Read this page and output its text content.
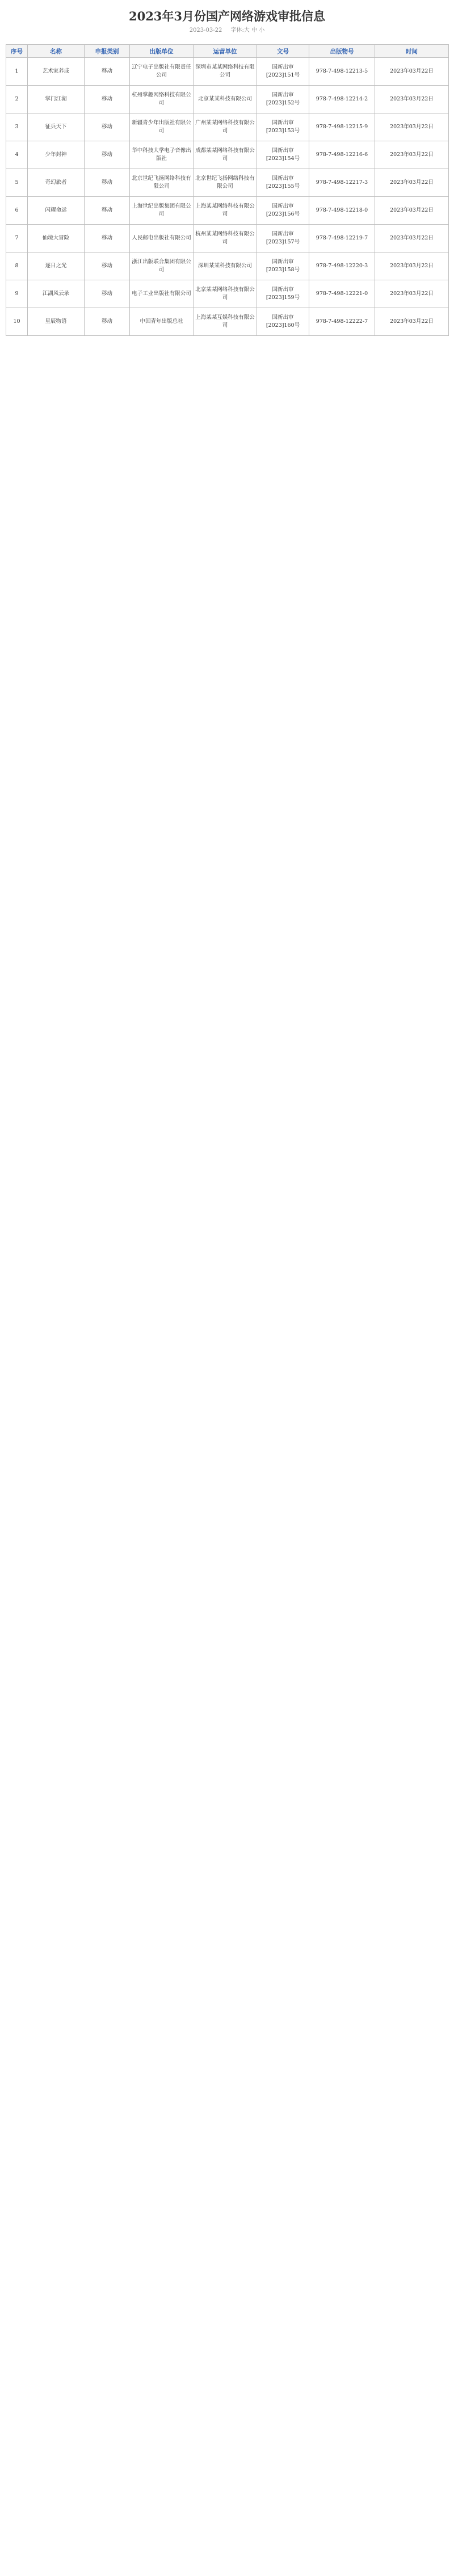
2023年3月份国产网络游戏审批信息
2023-03-22 字体:大 中 小
序号	名称	申报类别	出版单位	运营单位	文号	出版物号	时间
1	艺术家养成	移动	辽宁电子出版社有限责任公司	深圳市某某网络科技有限公司	国新出审[2023]151号	978-7-498-12213-5	2023年03月22日
2	掌门江湖	移动	杭州掌趣网络科技有限公司	北京某某科技有限公司	国新出审[2023]152号	978-7-498-12214-2	2023年03月22日
3	征兵天下	移动	新疆青少年出版社有限公司	广州某某网络科技有限公司	国新出审[2023]153号	978-7-498-12215-9	2023年03月22日
4	少年封神	移动	华中科技大学电子音像出版社	成都某某网络科技有限公司	国新出审[2023]154号	978-7-498-12216-6	2023年03月22日
5	奇幻旅者	移动	北京世纪飞扬网络科技有限公司	北京世纪飞扬网络科技有限公司	国新出审[2023]155号	978-7-498-12217-3	2023年03月22日
6	闪耀命运	移动	上海世纪出版集团有限公司	上海某某网络科技有限公司	国新出审[2023]156号	978-7-498-12218-0	2023年03月22日
7	仙境大冒险	移动	人民邮电出版社有限公司	杭州某某网络科技有限公司	国新出审[2023]157号	978-7-498-12219-7	2023年03月22日
8	逐日之光	移动	浙江出版联合集团有限公司	深圳某某科技有限公司	国新出审[2023]158号	978-7-498-12220-3	2023年03月22日
9	江湖风云录	移动	电子工业出版社有限公司	北京某某网络科技有限公司	国新出审[2023]159号	978-7-498-12221-0	2023年03月22日
10	星辰物语	移动	中国青年出版总社	上海某某互娱科技有限公司	国新出审[2023]160号	978-7-498-12222-7	2023年03月22日
